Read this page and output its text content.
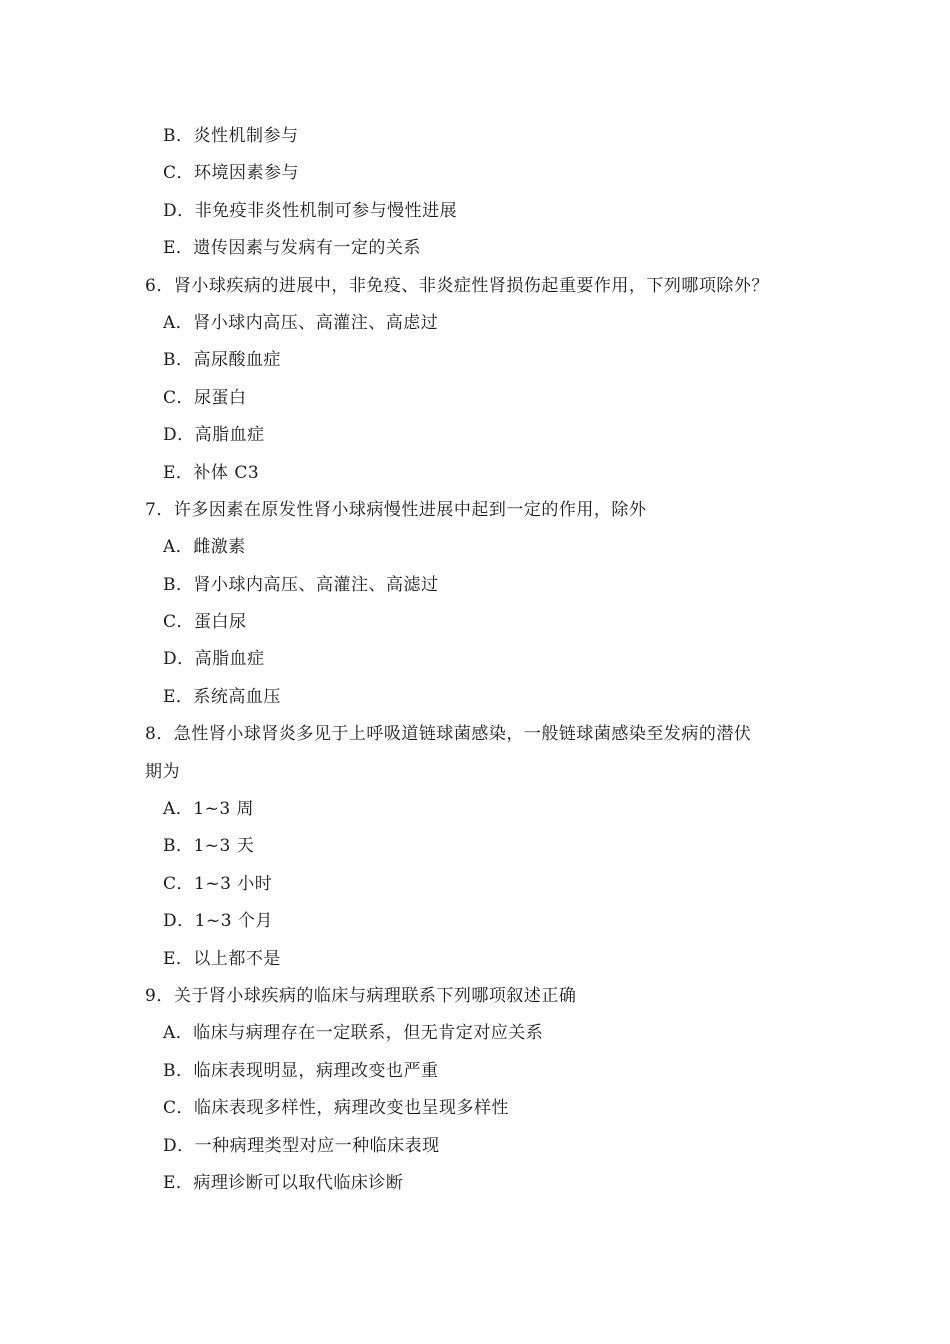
B．炎性机制参与
C．环境因素参与
D．非免疫非炎性机制可参与慢性进展
E．遗传因素与发病有一定的关系
6．肾小球疾病的进展中，非免疫、非炎症性肾损伤起重要作用，下列哪项除外？
A．肾小球内高压、高灌注、高虑过
B．高尿酸血症
C．尿蛋白
D．高脂血症
E．补体 C3
7．许多因素在原发性肾小球病慢性进展中起到一定的作用，除外
A．雌激素
B．肾小球内高压、高灌注、高滤过
C．蛋白尿
D．高脂血症
E．系统高血压
8．急性肾小球肾炎多见于上呼吸道链球菌感染，一般链球菌感染至发病的潜伏
期为
A．1~3 周
B．1~3 天
C．1~3 小时
D．1~3 个月
E．以上都不是
9．关于肾小球疾病的临床与病理联系下列哪项叙述正确
A．临床与病理存在一定联系，但无肯定对应关系
B．临床表现明显，病理改变也严重
C．临床表现多样性，病理改变也呈现多样性
D．一种病理类型对应一种临床表现
E．病理诊断可以取代临床诊断
